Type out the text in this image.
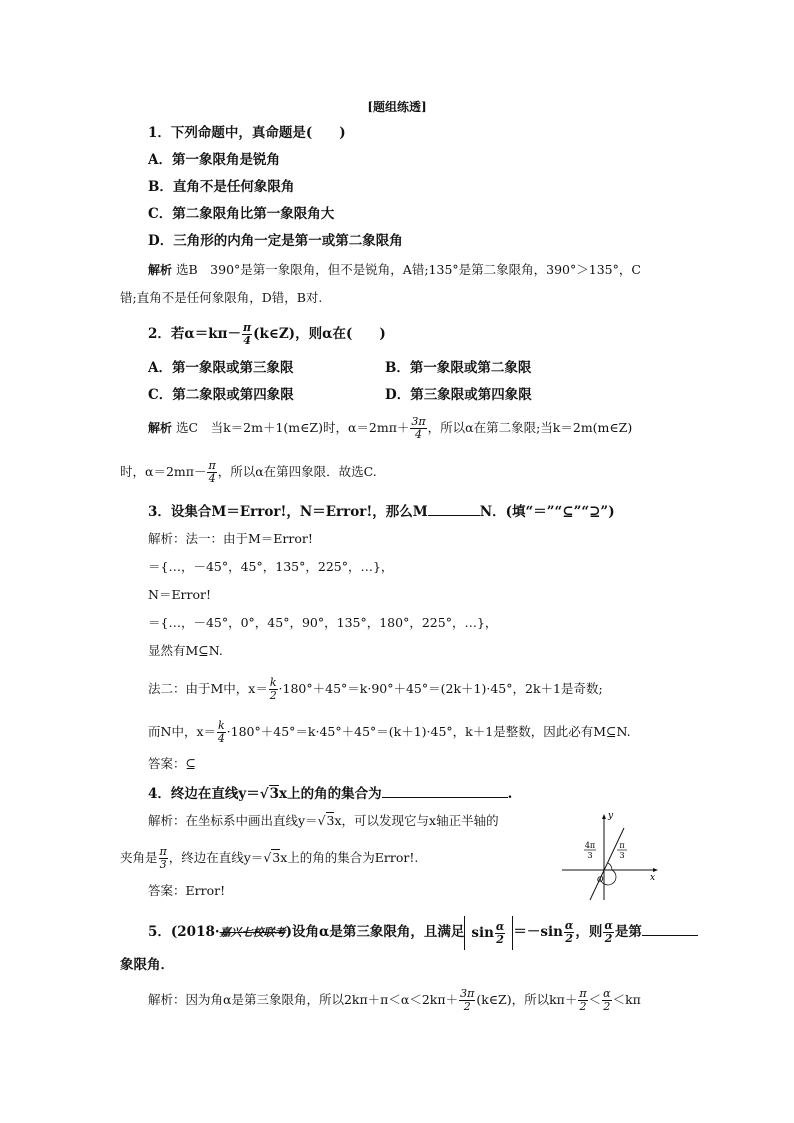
[题组练透]
1．下列命题中，真命题是(　　)
A．第一象限角是锐角
B．直角不是任何象限角
C．第二象限角比第一象限角大
D．三角形的内角一定是第一或第二象限角
解析 选B　390°是第一象限角，但不是锐角，A错;135°是第二象限角，390°＞135°，C
错;直角不是任何象限角，D错，B对.
2．若$\alpha=k\pi- \frac{\pi}{4}$ (k∈Z)，则α在(　　)
A．第一象限或第三象限	B．第一象限或第二象限
C．第二象限或第四象限	D．第三象限或第四象限
解析 选C　当k＝2m＋1(m∈Z)时，$\alpha=2m\pi+ \frac{3\pi}{4}$ ，所以α在第二象限;当k＝2m(m∈Z)
时，$\alpha=2m\pi- \frac{\pi}{4}$ ，所以α在第四象限．故选C.
3．设集合M＝Error!，N＝Error!，那么M	N．(填“＝”“⊆”“⊇”)
解析：法一：由于M＝Error!
＝{…，－45°，45°，135°，225°，…}，
N＝Error!
＝{…，－45°，0°，45°，90°，135°，180°，225°，…}，
显然有M⊆N.
法二：由于M中，$x= \frac{k}{2} \cdot 180^\circ+45^\circ=k\cdot 90^\circ+45^\circ=(2k+1)\cdot 45^\circ$，2k＋1是奇数;
而N中，$x= \frac{k}{4} \cdot 180^\circ+45^\circ=k\cdot 45^\circ+45^\circ=(k+1)\cdot 45^\circ$，k＋1是整数，因此必有M⊆N.
答案：⊆
4．终边在直线y＝√3x上的角的集合为	.
解析：在坐标系中画出直线y＝√3x，可以发现它与x轴正半轴的
夹角是 $\frac{\pi}{3}$ ，终边在直线y＝√3x上的角的集合为Error!.
答案：Error!
y
x
O
4π
3
π
3
5．(2018·嘉兴七校联考)设角α是第三象限角，且满足 $\sin \frac{\alpha}{2} =-\sin \frac{\alpha}{2}$ ，则 $\frac{\alpha}{2}$ 是第
象限角．
解析：因为角α是第三象限角，所以$2k\pi+\pi<\alpha<2k\pi+ \frac{3\pi}{2}$ (k∈Z)，所以$k\pi+ \frac{\pi}{2} < \frac{\alpha}{2} <k\pi$
